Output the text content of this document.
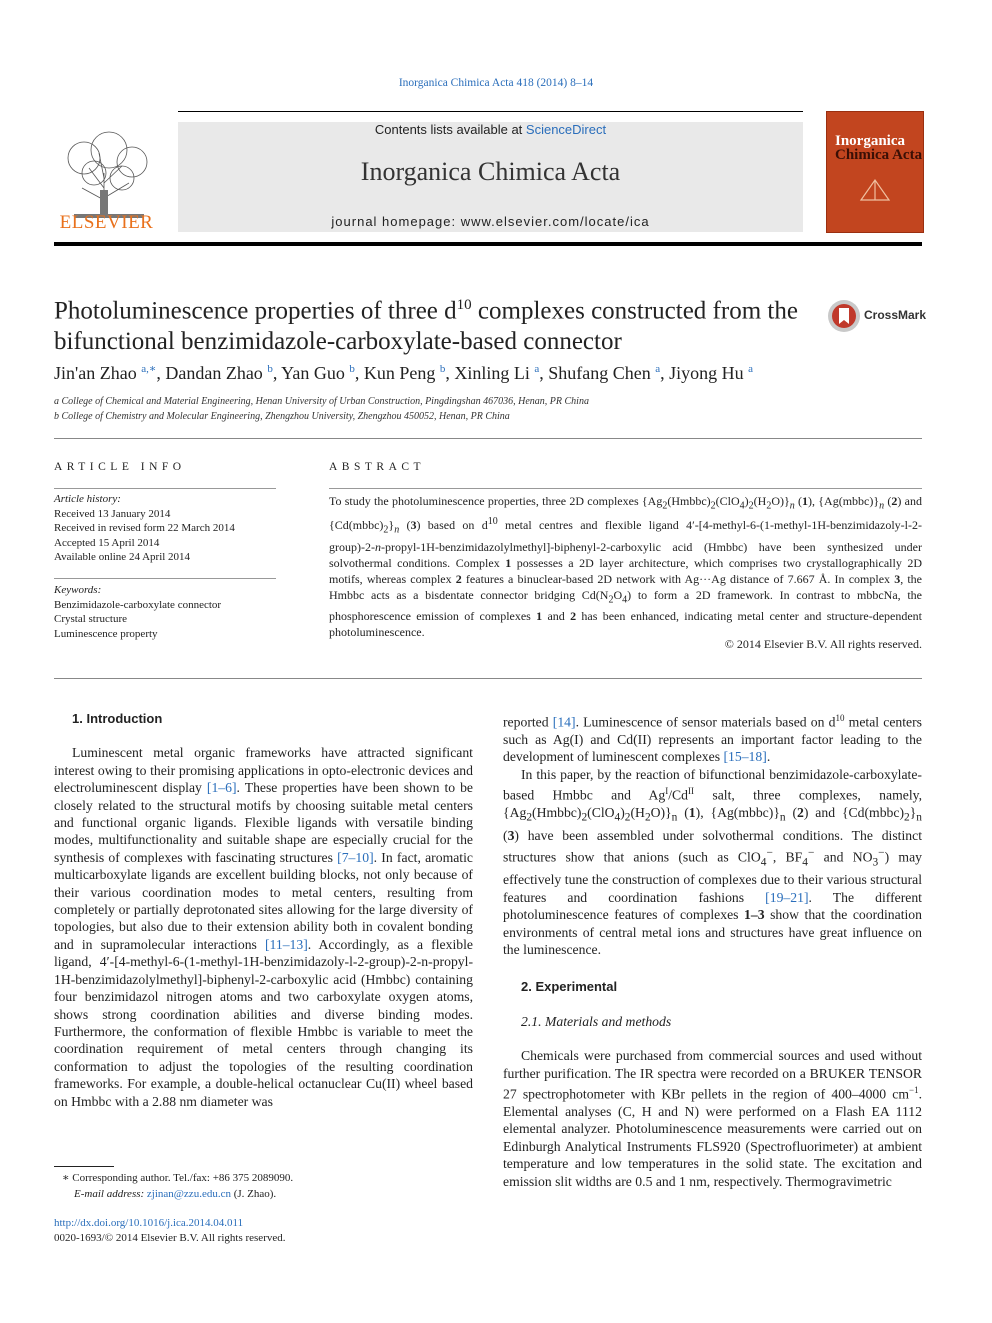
Inorganica Chimica Acta 418 (2014) 8–14
ELSEVIER
Contents lists available at ScienceDirect
Inorganica Chimica Acta
journal homepage: www.elsevier.com/locate/ica
Inorganica
Chimica Acta
Photoluminescence properties of three $d^{10}$ complexes constructed from the bifunctional benzimidazole-carboxylate-based connector
CrossMark
Jin'an Zhao $^{a,∗}$, Dandan Zhao $^b$, Yan Guo $^b$, Kun Peng $^b$, Xinling Li $^a$, Shufang Chen $^a$, Jiyong Hu $^a$
a College of Chemical and Material Engineering, Henan University of Urban Construction, Pingdingshan 467036, Henan, PR China
b College of Chemistry and Molecular Engineering, Zhengzhou University, Zhengzhou 450052, Henan, PR China
ARTICLE INFO	ABSTRACT
Article history:
Received 13 January 2014
Received in revised form 22 March 2014
Accepted 15 April 2014
Available online 24 April 2014
Keywords:
Benzimidazole-carboxylate connector
Crystal structure
Luminescence property
To study the photoluminescence properties, three 2D complexes $\{Ag_2(Hmbbc)_2(ClO_4)_2(H_2O)\}_n$ (1), $\{Ag(mbbc)\}_n$ (2) and $\{Cd(mbbc)_2\}_n$ (3) based on $d^{10}$ metal centres and flexible ligand 4′-[4-methyl-6-(1-methyl-1H-benzimidazoly-l-2-group)-2-n-propyl-1H-benzimidazolylmethyl]-biphenyl-2-carboxylic acid (Hmbbc) have been synthesized under solvothermal conditions. Complex 1 possesses a 2D layer architecture, which comprises two crystallographically 2D motifs, whereas complex 2 features a binuclear-based 2D network with Ag···Ag distance of 7.667 Å. In complex 3, the Hmbbc acts as a bisdentate connector bridging $Cd(N_2O_4)$ to form a 2D framework. In contrast to mbbcNa, the phosphorescence emission of complexes 1 and 2 has been enhanced, indicating metal center and structure-dependent photoluminescence.
© 2014 Elsevier B.V. All rights reserved.

1. Introduction

Luminescent metal organic frameworks have attracted significant interest owing to their promising applications in opto-electronic devices and electroluminescent display [1–6]. These properties have been shown to be closely related to the structural motifs by choosing suitable metal centers and functional organic ligands. Flexible ligands with versatile binding modes, multifunctionality and suitable shape are especially crucial for the synthesis of complexes with fascinating structures [7–10]. In fact, aromatic multicarboxylate ligands are excellent building blocks, not only because of their various coordination modes to metal centers, resulting from completely or partially deprotonated sites allowing for the large diversity of topologies, but also due to their extension ability both in covalent bonding and in supramolecular interactions [11–13]. Accordingly, as a flexible ligand, 4′-[4-methyl-6-(1-methyl-1H-benzimidazoly-l-2-group)-2-n-propyl-1H-benzimidazolylmethyl]-biphenyl-2-carboxylic acid (Hmbbc) containing four benzimidazol nitrogen atoms and two carboxylate oxygen atoms, shows strong coordination abilities and diverse binding modes. Furthermore, the conformation of flexible Hmbbc is variable to meet the coordination requirement of metal centers through changing its conformation to adjust the topologies of the resulting coordination frameworks. For example, a double-helical octanuclear Cu(II) wheel based on Hmbbc with a 2.88 nm diameter was

reported [14]. Luminescence of sensor materials based on $d^{10}$ metal centers such as Ag(I) and Cd(II) represents an important factor leading to the development of luminescent complexes [15–18].

In this paper, by the reaction of bifunctional benzimidazole-carboxylate-based Hmbbc and $Ag^I/Cd^{II}$ salt, three complexes, namely, $\{Ag_2(Hmbbc)_2(ClO_4)_2(H_2O)\}_n$ (1), $\{Ag(mbbc)\}_n$ (2) and $\{Cd(mbbc)_2\}_n$ (3) have been assembled under solvothermal conditions. The distinct structures show that anions (such as ClO$_4$−, $BF_4^-$ and $NO_3^-$) may effectively tune the construction of complexes due to their various structural features and coordination fashions [19–21]. The different photoluminescence features of complexes 1–3 show that the coordination environments of central metal ions and structures have great influence on the luminescence.

2. Experimental

2.1. Materials and methods

Chemicals were purchased from commercial sources and used without further purification. The IR spectra were recorded on a BRUKER TENSOR 27 spectrophotometer with KBr pellets in the region of 400–4000 $cm^{-1}$. Elemental analyses (C, H and N) were performed on a Flash EA 1112 elemental analyzer. Photoluminescence measurements were carried out on Edinburgh Analytical Instruments FLS920 (Spectrofluorimeter) at ambient temperature and low temperatures in the solid state. The excitation and emission slit widths are 0.5 and 1 nm, respectively. Thermogravimetric

∗ Corresponding author. Tel./fax: +86 375 2089090.
E-mail address: zjinan@zzu.edu.cn (J. Zhao).
http://dx.doi.org/10.1016/j.ica.2014.04.011
0020-1693/© 2014 Elsevier B.V. All rights reserved.
